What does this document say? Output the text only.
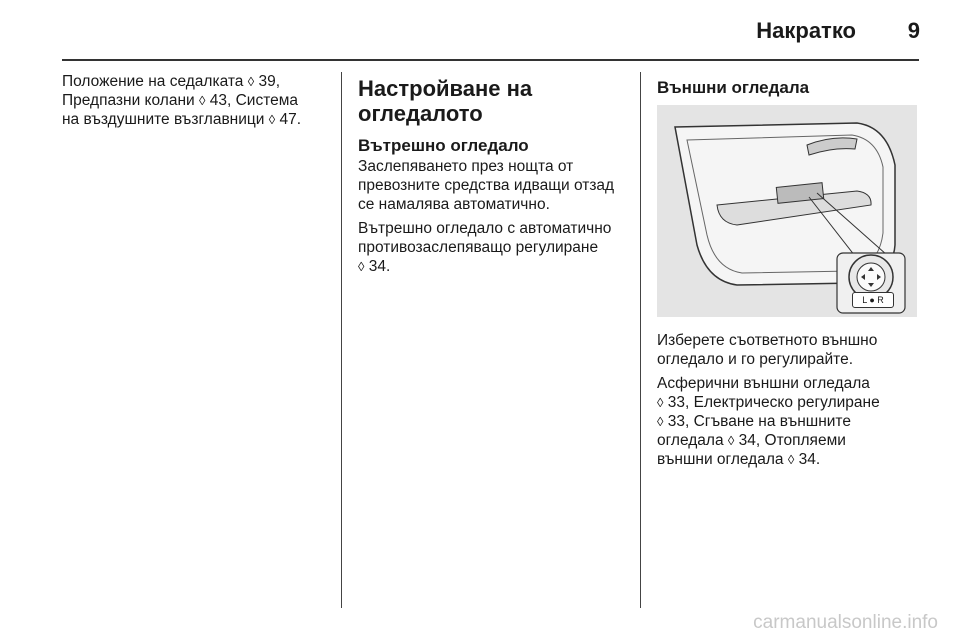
Накратко 9
Положение на седалката ◊ 39,
Предпазни колани ◊ 43, Система
на въздушните възглавници ◊ 47.
Настройване на огледалото
Вътрешно огледало

Заслепяването през нощта от превозните средства идващи отзад се намалява автоматично.

Вътрешно огледало с автоматично противозаслепяващо регулиране
◊ 34.

Външни огледала
L ● R

Изберете съответното външно огледало и го регулирайте.

Асферични външни огледала
◊ 33, Електрическо регулиране
◊ 33, Сгъване на външните
огледала ◊ 34, Отопляеми
външни огледала ◊ 34.

carmanualsonline.info
